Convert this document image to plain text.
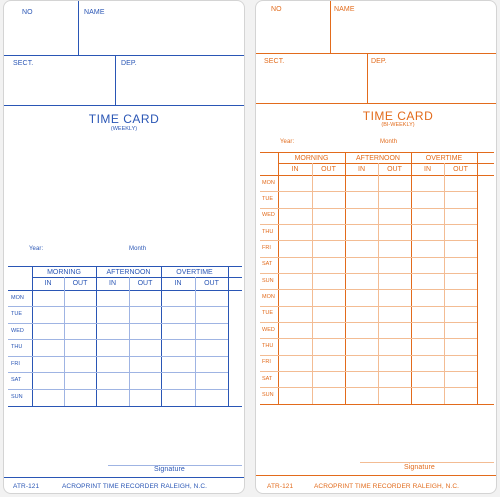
NO	NAME
SECT.	DEP.
TIME CARD
(WEEKLY)
Year:	Month
MORNING	AFTERNOON	OVERTIME
IN	OUT	IN	OUT	IN	OUT
MON
TUE
WED
THU
FRI
SAT
SUN
Signature
ATR-121	ACROPRINT TIME RECORDER RALEIGH, N.C.
NO	NAME
SECT.	DEP.
TIME CARD
(BI-WEEKLY)
Year:	Month
MORNING	AFTERNOON	OVERTIME
IN	OUT	IN	OUT	IN	OUT
MON
TUE
WED
THU
FRI
SAT
SUN
MON
TUE
WED
THU
FRI
SAT
SUN
Signature
ATR-121	ACROPRINT TIME RECORDER RALEIGH, N.C.
